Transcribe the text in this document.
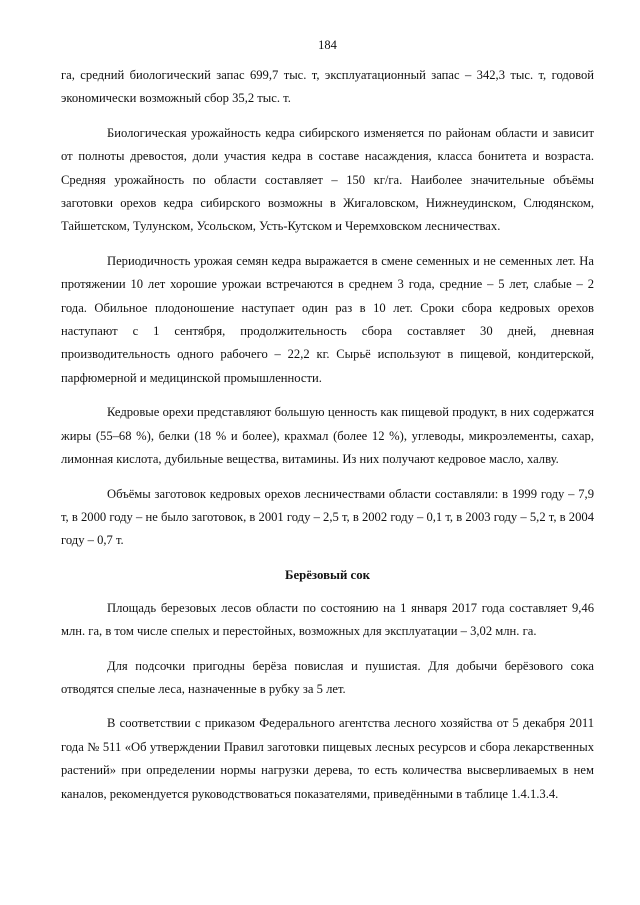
184

га, средний биологический запас 699,7 тыс. т, эксплуатационный запас – 342,3 тыс. т, годовой экономически возможный сбор 35,2 тыс. т.

Биологическая урожайность кедра сибирского изменяется по районам области и зависит от полноты древостоя, доли участия кедра в составе насаждения, класса бонитета и возраста. Средняя урожайность по области составляет – 150 кг/га. Наиболее значительные объёмы заготовки орехов кедра сибирского возможны в Жигаловском, Нижнеудинском, Слюдянском, Тайшетском, Тулунском, Усольском, Усть-Кутском и Черемховском лесничествах.

Периодичность урожая семян кедра выражается в смене семенных и не семенных лет. На протяжении 10 лет хорошие урожаи встречаются в среднем 3 года, средние – 5 лет, слабые – 2 года. Обильное плодоношение наступает один раз в 10 лет. Сроки сбора кедровых орехов наступают с 1 сентября, продолжительность сбора составляет 30 дней, дневная производительность одного рабочего – 22,2 кг. Сырьё используют в пищевой, кондитерской, парфюмерной и медицинской промышленности.

Кедровые орехи представляют большую ценность как пищевой продукт, в них содержатся жиры (55–68 %), белки (18 % и более), крахмал (более 12 %), углеводы, микроэлементы, сахар, лимонная кислота, дубильные вещества, витамины. Из них получают кедровое масло, халву.

Объёмы заготовок кедровых орехов лесничествами области составляли: в 1999 году – 7,9 т, в 2000 году – не было заготовок, в 2001 году – 2,5 т, в 2002 году – 0,1 т, в 2003 году – 5,2 т, в 2004 году – 0,7 т.

Берёзовый сок

Площадь березовых лесов области по состоянию на 1 января 2017 года составляет 9,46 млн. га, в том числе спелых и перестойных, возможных для эксплуатации – 3,02 млн. га.

Для подсочки пригодны берёза повислая и пушистая. Для добычи берёзового сока отводятся спелые леса, назначенные в рубку за 5 лет.

В соответствии с приказом Федерального агентства лесного хозяйства от 5 декабря 2011 года № 511 «Об утверждении Правил заготовки пищевых лесных ресурсов и сбора лекарственных растений» при определении нормы нагрузки дерева, то есть количества высверливаемых в нем каналов, рекомендуется руководствоваться показателями, приведёнными в таблице 1.4.1.3.4.
